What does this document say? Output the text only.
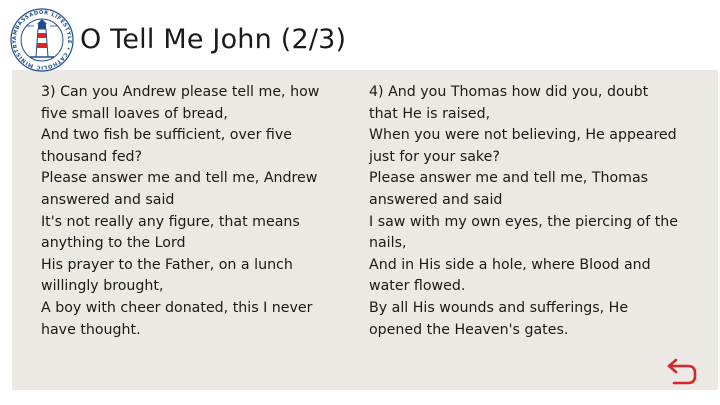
AMBASSADOR LIFESTYLE • CATHOLIC MINISTRY	O Tell Me John (2/3)
3) Can you Andrew please tell me, how
five small loaves of bread,
And two fish be sufficient, over five
thousand fed?
Please answer me and tell me, Andrew
answered and said
It's not really any figure, that means
anything to the Lord
His prayer to the Father, on a lunch
willingly brought,
A boy with cheer donated, this I never
have thought.
4) And you Thomas how did you, doubt
that He is raised,
When you were not believing, He appeared
just for your sake?
Please answer me and tell me, Thomas
answered and said
I saw with my own eyes, the piercing of the
nails,
And in His side a hole, where Blood and
water flowed.
By all His wounds and sufferings, He
opened the Heaven's gates.
